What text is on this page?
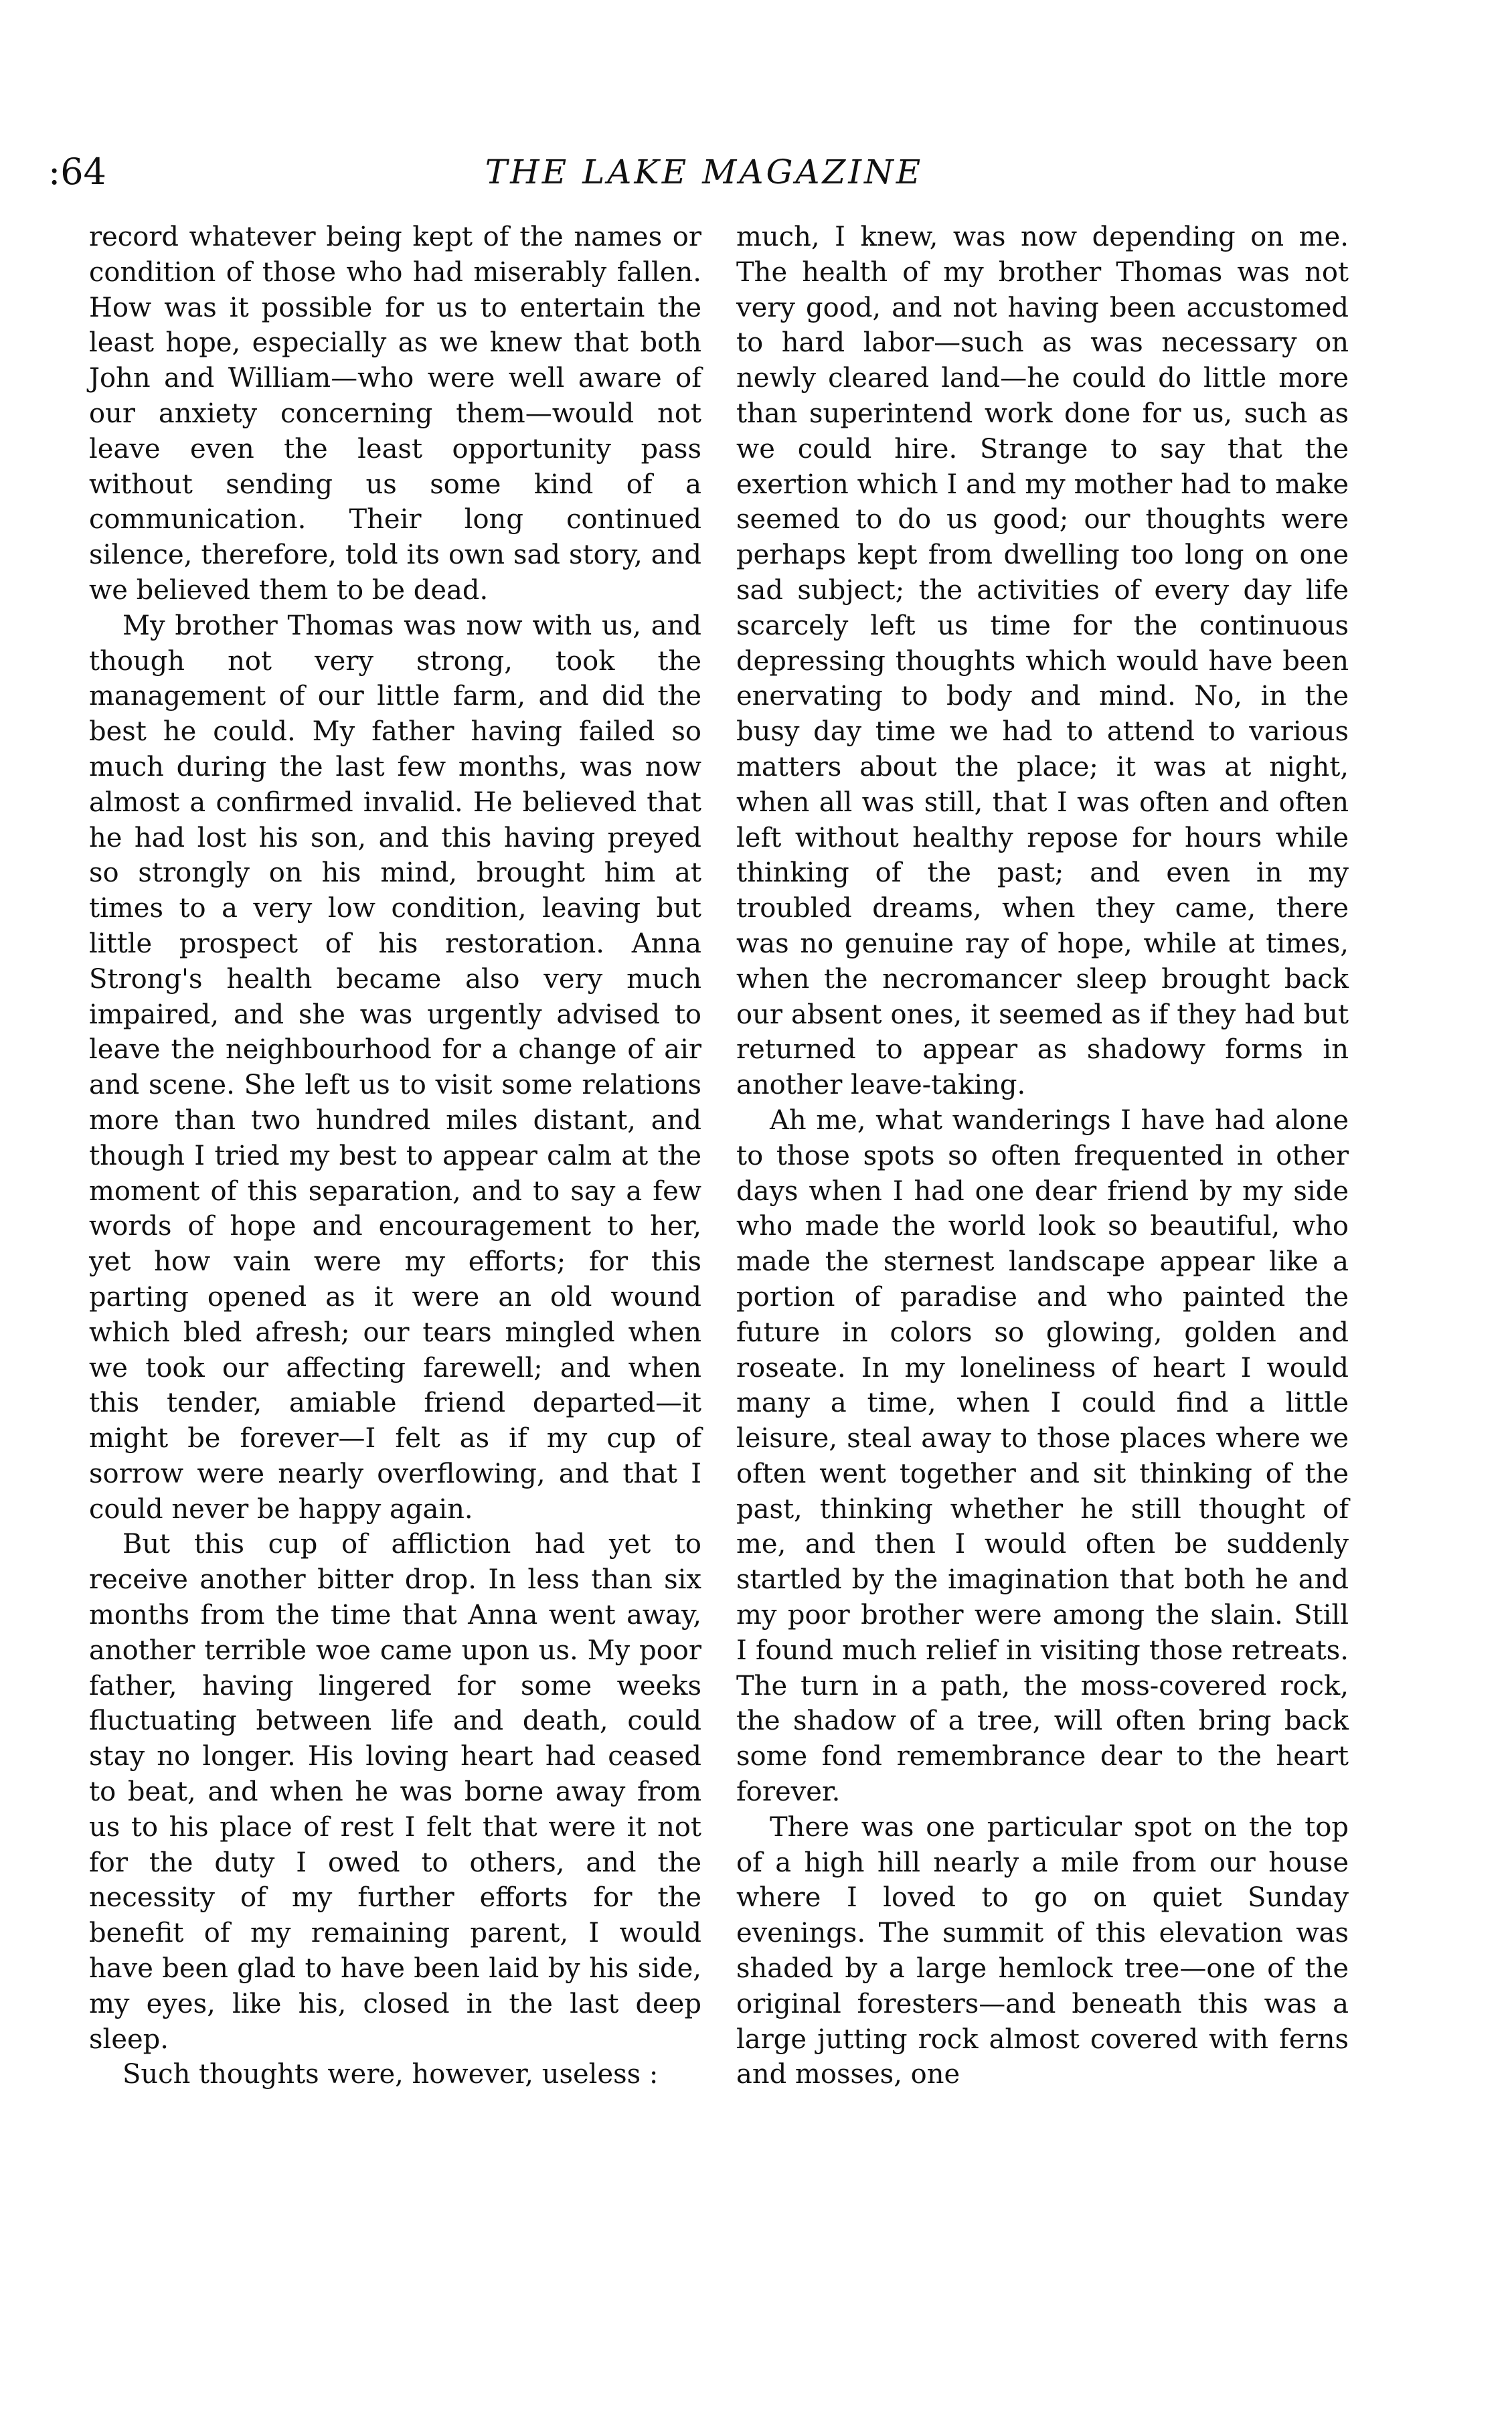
:64	THE LAKE MAGAZINE

record whatever being kept of the names or condition of those who had miserably fallen. How was it possible for us to entertain the least hope, especially as we knew that both John and William—who were well aware of our anxiety concerning them—would not leave even the least opportunity pass without sending us some kind of a communication. Their long continued silence, therefore, told its own sad story, and we believed them to be dead.

My brother Thomas was now with us, and though not very strong, took the management of our little farm, and did the best he could. My father having failed so much during the last few months, was now almost a confirmed invalid. He believed that he had lost his son, and this having preyed so strongly on his mind, brought him at times to a very low condition, leaving but little prospect of his restoration. Anna Strong's health became also very much impaired, and she was urgently advised to leave the neighbourhood for a change of air and scene. She left us to visit some relations more than two hundred miles distant, and though I tried my best to appear calm at the moment of this separation, and to say a few words of hope and encouragement to her, yet how vain were my efforts; for this parting opened as it were an old wound which bled afresh; our tears mingled when we took our affecting farewell; and when this tender, amiable friend departed—it might be forever—I felt as if my cup of sorrow were nearly overflowing, and that I could never be happy again.

But this cup of affliction had yet to receive another bitter drop. In less than six months from the time that Anna went away, another terrible woe came upon us. My poor father, having lingered for some weeks fluctuating between life and death, could stay no longer. His loving heart had ceased to beat, and when he was borne away from us to his place of rest I felt that were it not for the duty I owed to others, and the necessity of my further efforts for the benefit of my remaining parent, I would have been glad to have been laid by his side, my eyes, like his, closed in the last deep sleep.

Such thoughts were, however, useless :

much, I knew, was now depending on me. The health of my brother Thomas was not very good, and not having been accustomed to hard labor—such as was necessary on newly cleared land—he could do little more than superintend work done for us, such as we could hire. Strange to say that the exertion which I and my mother had to make seemed to do us good; our thoughts were perhaps kept from dwelling too long on one sad subject; the activities of every day life scarcely left us time for the continuous depressing thoughts which would have been enervating to body and mind. No, in the busy day time we had to attend to various matters about the place; it was at night, when all was still, that I was often and often left without healthy repose for hours while thinking of the past; and even in my troubled dreams, when they came, there was no genuine ray of hope, while at times, when the necromancer sleep brought back our absent ones, it seemed as if they had but returned to appear as shadowy forms in another leave-taking.

Ah me, what wanderings I have had alone to those spots so often frequented in other days when I had one dear friend by my side who made the world look so beautiful, who made the sternest landscape appear like a portion of paradise and who painted the future in colors so glowing, golden and roseate. In my loneliness of heart I would many a time, when I could find a little leisure, steal away to those places where we often went together and sit thinking of the past, thinking whether he still thought of me, and then I would often be suddenly startled by the imagination that both he and my poor brother were among the slain. Still I found much relief in visiting those retreats. The turn in a path, the moss-covered rock, the shadow of a tree, will often bring back some fond remembrance dear to the heart forever.

There was one particular spot on the top of a high hill nearly a mile from our house where I loved to go on quiet Sunday evenings. The summit of this elevation was shaded by a large hemlock tree—one of the original foresters—and beneath this was a large jutting rock almost covered with ferns and mosses, one
